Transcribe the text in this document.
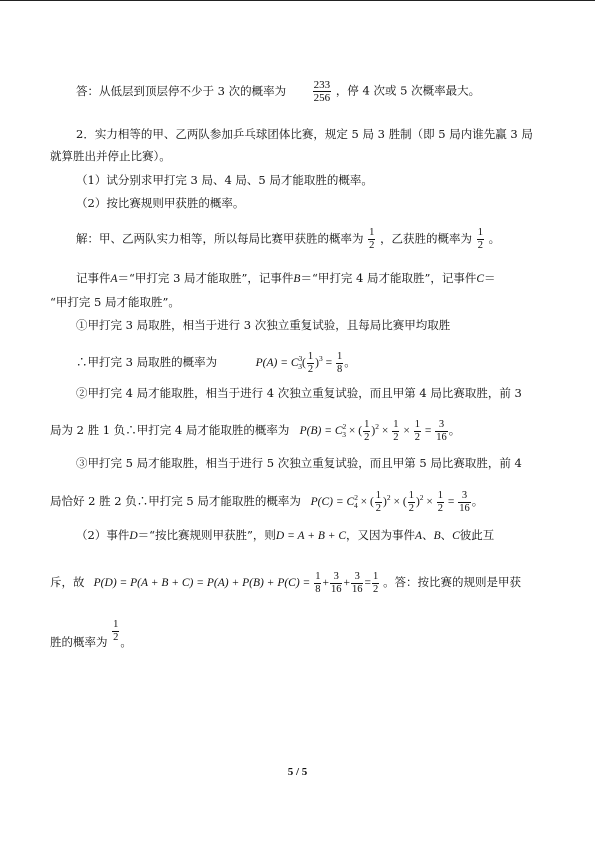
答：从低层到顶层停不少于 3 次的概率为 $\frac{233}{256}$ ，停 4 次或 5 次概率最大。
2．实力相等的甲、乙两队参加乒乓球团体比赛，规定 5 局 3 胜制（即 5 局内谁先赢 3 局
就算胜出并停止比赛）。
（1）试分别求甲打完 3 局、4 局、5 局才能取胜的概率。
（2）按比赛规则甲获胜的概率。
解：甲、乙两队实力相等，所以每局比赛甲获胜的概率为 $\frac{1}{2}$ ，乙获胜的概率为 $\frac{1}{2}$ 。
记事件A＝“甲打完 3 局才能取胜”，记事件B＝“甲打完 4 局才能取胜”，记事件C＝
“甲打完 5 局才能取胜”。
①甲打完 3 局取胜，相当于进行 3 次独立重复试验，且每局比赛甲均取胜
∴甲打完 3 局取胜的概率为	$P(A) = C^3_3( \frac{1}{2} )^3 = \frac{1}{8}$ 。
②甲打完 4 局才能取胜，相当于进行 4 次独立重复试验，而且甲第 4 局比赛取胜，前 3
局为 2 胜 1 负∴甲打完 4 局才能取胜的概率为 $P(B) = C^2_3$ × ( $\frac{1}{2} )^2 \times \frac{1}{2} \times \frac{1}{2} = \frac{3}{16}$ 。
③甲打完 5 局才能取胜，相当于进行 5 次独立重复试验，而且甲第 5 局比赛取胜，前 4
局恰好 2 胜 2 负∴甲打完 5 局才能取胜的概率为 $P(C) = C^2_4$ × ( $\frac{1}{2} )^2$ × ( $\frac{1}{2} )^2 \times \frac{1}{2} = \frac{3}{16}$ 。
（2）事件D＝“按比赛规则甲获胜”，则D = A + B + C，又因为事件A、B、C彼此互
斥，故 $P(D) = P(A + B + C) = P(A) + P(B) + P(C) = \frac{1}{8} + \frac{3}{16} + \frac{3}{16} = \frac{1}{2}$ 。答：按比赛的规则是甲获
胜的概率为 $\frac{1}{2}$ 。
5 / 5
